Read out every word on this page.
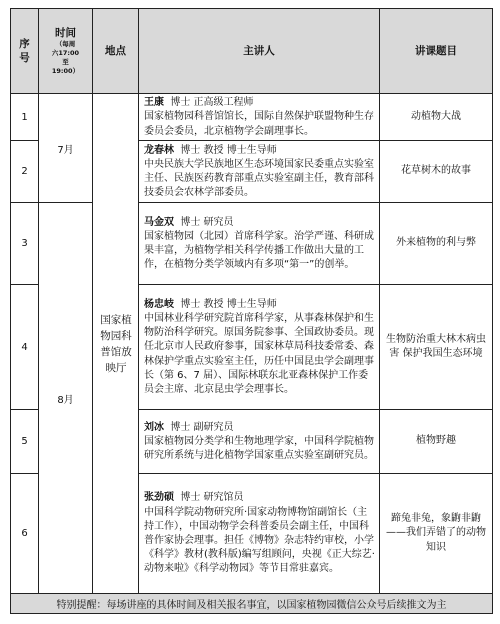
序号	时间
（每周
六17:00
至
19:00）	地点	主讲人	讲课题目
1	7月	国家植物园科普馆放映厅	王康 博士 正高级工程师
国家植物园科普馆馆长，国际自然保护联盟物种生存委员会委员，北京植物学会副理事长。	动植物大战
2			龙春林 博士 教授 博士生导师
中央民族大学民族地区生态环境国家民委重点实验室主任、民族医药教育部重点实验室副主任，教育部科技委员会农林学部委员。	花草树木的故事
3	8月		马金双 博士 研究员
国家植物园（北园）首席科学家。治学严谨、科研成果丰富，为植物学相关科学传播工作做出大量的工作，在植物分类学领域内有多项“第一”的创举。	外来植物的利与弊
4			杨忠岐 博士 教授 博士生导师
中国林业科学研究院首席科学家，从事森林保护和生物防治科学研究。原国务院参事、全国政协委员。现任北京市人民政府参事，国家林草局科技委常委、森林保护学重点实验室主任，历任中国昆虫学会副理事长（第 6、7 届）、国际林联东北亚森林保护工作委员会主席、北京昆虫学会理事长。	生物防治重大林木病虫害 保护我国生态环境
5			刘冰 博士 副研究员
国家植物园分类学和生物地理学家，中国科学院植物研究所系统与进化植物学国家重点实验室副研究员。	植物野趣
6			张劲硕 博士 研究馆员
中国科学院动物研究所·国家动物博物馆副馆长（主持工作），中国动物学会科普委员会副主任，中国科普作家协会理事。担任《博物》杂志特约审校，小学《科学》教材(教科版)编写组顾问，央视《正大综艺·动物来啦》《科学动物园》等节目常驻嘉宾。	蹄兔非兔，象鼩非鼩——我们弄错了的动物知识
特别提醒：每场讲座的具体时间及相关报名事宜，以国家植物园微信公众号后续推文为主				
